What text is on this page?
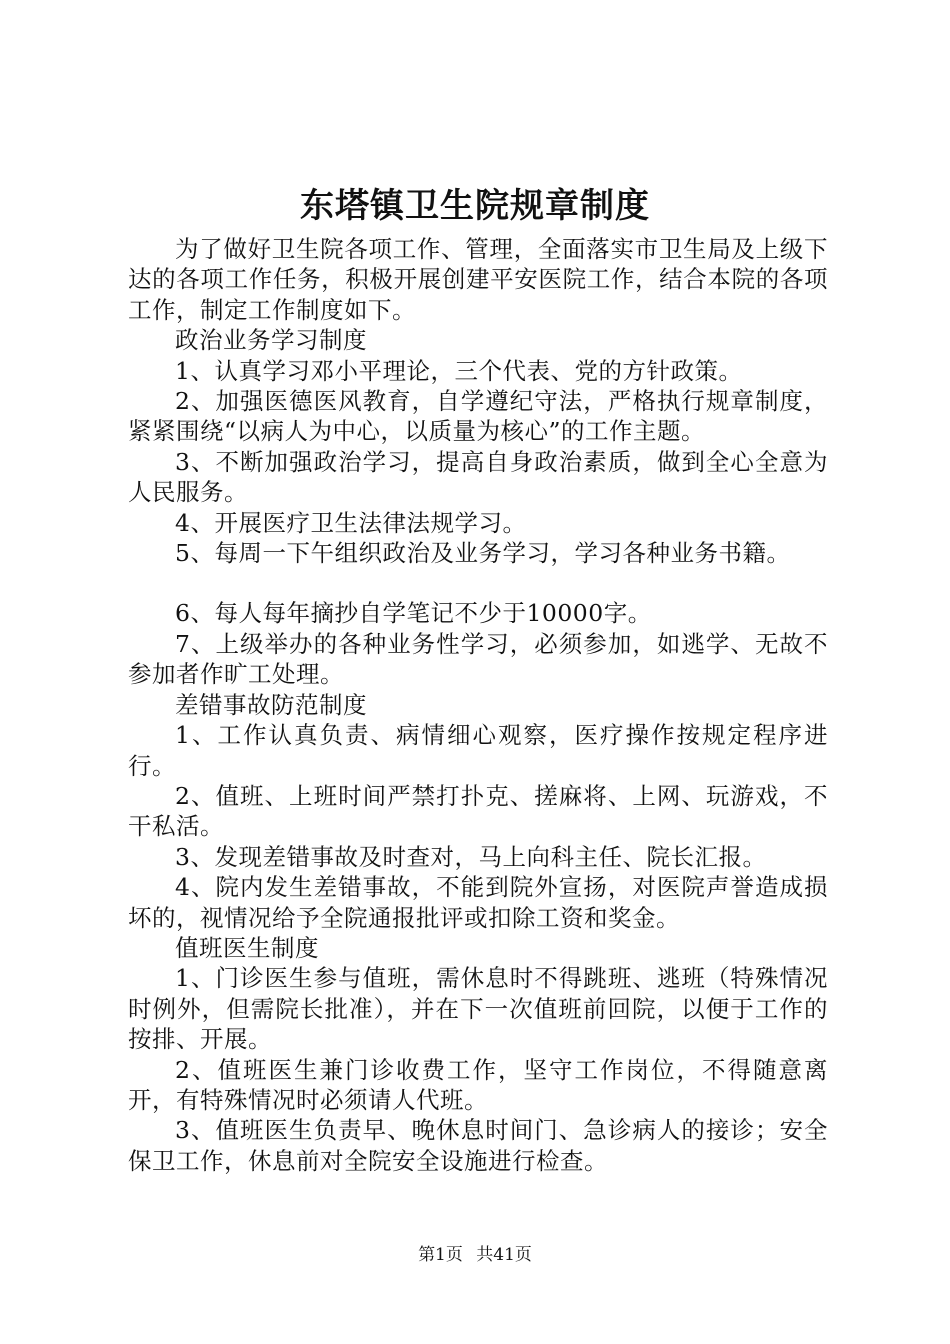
东塔镇卫生院规章制度

为了做好卫生院各项工作、管理，全面落实市卫生局及上级下达的各项工作任务，积极开展创建平安医院工作，结合本院的各项工作，制定工作制度如下。

政治业务学习制度

1、认真学习邓小平理论，三个代表、党的方针政策。

2、加强医德医风教育，自学遵纪守法，严格执行规章制度，紧紧围绕“以病人为中心，以质量为核心”的工作主题。

3、不断加强政治学习，提高自身政治素质，做到全心全意为人民服务。

4、开展医疗卫生法律法规学习。

5、每周一下午组织政治及业务学习，学习各种业务书籍。

6、每人每年摘抄自学笔记不少于10000字。

7、上级举办的各种业务性学习，必须参加，如逃学、无故不参加者作旷工处理。

差错事故防范制度

1、工作认真负责、病情细心观察，医疗操作按规定程序进行。

2、值班、上班时间严禁打扑克、搓麻将、上网、玩游戏，不干私活。

3、发现差错事故及时查对，马上向科主任、院长汇报。

4、院内发生差错事故，不能到院外宣扬，对医院声誉造成损坏的，视情况给予全院通报批评或扣除工资和奖金。

值班医生制度

1、门诊医生参与值班，需休息时不得跳班、逃班（特殊情况时例外，但需院长批准），并在下一次值班前回院，以便于工作的按排、开展。

2、值班医生兼门诊收费工作，坚守工作岗位，不得随意离开，有特殊情况时必须请人代班。

3、值班医生负责早、晚休息时间门、急诊病人的接诊；安全保卫工作，休息前对全院安全设施进行检查。

第1页 共41页
